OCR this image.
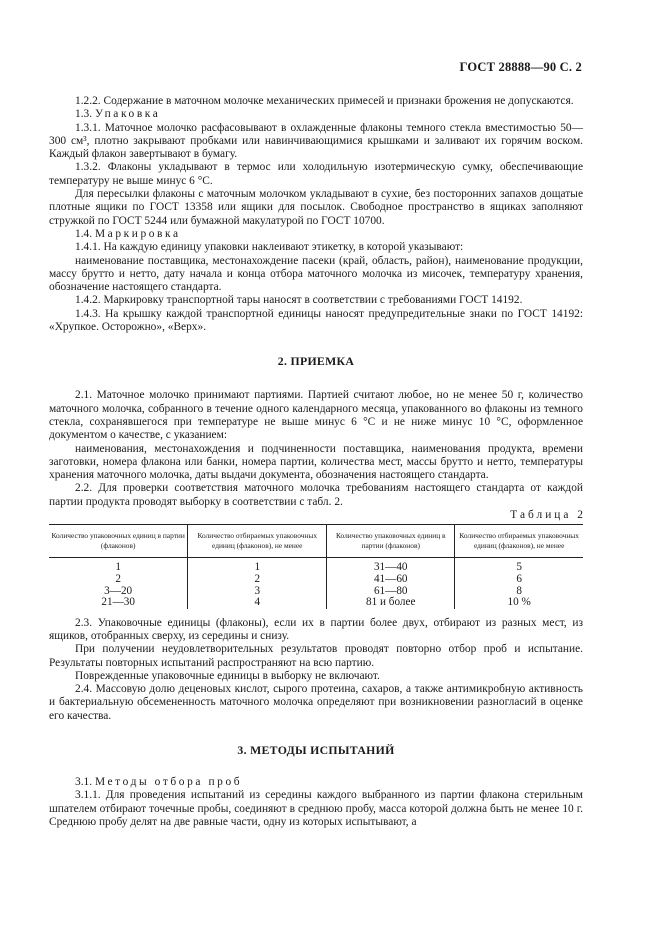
ГОСТ 28888—90 С. 2

1.2.2. Содержание в маточном молочке механических примесей и признаки брожения не допускаются.

1.3. Упаковка

1.3.1. Маточное молочко расфасовывают в охлажденные флаконы темного стекла вместимостью 50—300 см³, плотно закрывают пробками или навинчивающимися крышками и заливают их горячим воском. Каждый флакон завертывают в бумагу.

1.3.2. Флаконы укладывают в термос или холодильную изотермическую сумку, обеспечивающие температуру не выше минус 6 °С.

Для пересылки флаконы с маточным молочком укладывают в сухие, без посторонних запахов дощатые плотные ящики по ГОСТ 13358 или ящики для посылок. Свободное пространство в ящиках заполняют стружкой по ГОСТ 5244 или бумажной макулатурой по ГОСТ 10700.

1.4. Маркировка

1.4.1. На каждую единицу упаковки наклеивают этикетку, в которой указывают:

наименование поставщика, местонахождение пасеки (край, область, район), наименование продукции, массу брутто и нетто, дату начала и конца отбора маточного молочка из мисочек, температуру хранения, обозначение настоящего стандарта.

1.4.2. Маркировку транспортной тары наносят в соответствии с требованиями ГОСТ 14192.

1.4.3. На крышку каждой транспортной единицы наносят предупредительные знаки по ГОСТ 14192: «Хрупкое. Осторожно», «Верх».

2. ПРИЕМКА

2.1. Маточное молочко принимают партиями. Партией считают любое, но не менее 50 г, количество маточного молочка, собранного в течение одного календарного месяца, упакованного во флаконы из темного стекла, сохранявшегося при температуре не выше минус 6 °С и не ниже минус 10 °С, оформленное документом о качестве, с указанием:

наименования, местонахождения и подчиненности поставщика, наименования продукта, времени заготовки, номера флакона или банки, номера партии, количества мест, массы брутто и нетто, температуры хранения маточного молочка, даты выдачи документа, обозначения настоящего стандарта.

2.2. Для проверки соответствия маточного молочка требованиям настоящего стандарта от каждой партии продукта проводят выборку в соответствии с табл. 2.

Таблица 2

Количество упаковочных единиц в партии (флаконов)	Количество отбираемых упаковочных единиц (флаконов), не менее	Количество упаковочных единиц в партии (флаконов)	Количество отбираемых упаковочных единиц (флаконов), не менее
1	1	31—40	5
2	2	41—60	6
3—20	3	61—80	8
21—30	4	81 и более	10 %

2.3. Упаковочные единицы (флаконы), если их в партии более двух, отбирают из разных мест, из ящиков, отобранных сверху, из середины и снизу.

При получении неудовлетворительных результатов проводят повторно отбор проб и испытание. Результаты повторных испытаний распространяют на всю партию.

Поврежденные упаковочные единицы в выборку не включают.

2.4. Массовую долю деценовых кислот, сырого протеина, сахаров, а также антимикробную активность и бактериальную обсемененность маточного молочка определяют при возникновении разногласий в оценке его качества.

3. МЕТОДЫ ИСПЫТАНИЙ

3.1. Методы отбора проб

3.1.1. Для проведения испытаний из середины каждого выбранного из партии флакона стерильным шпателем отбирают точечные пробы, соединяют в среднюю пробу, масса которой должна быть не менее 10 г. Среднюю пробу делят на две равные части, одну из которых испытывают, а
